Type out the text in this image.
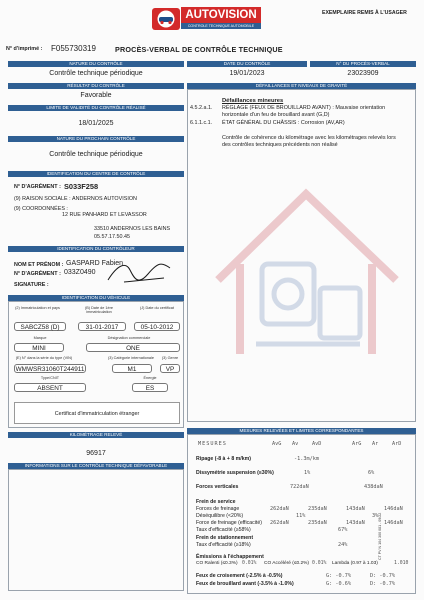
AUTOVISION
CONTROLE TECHNIQUE AUTOMOBILE
EXEMPLAIRE REMIS À L'USAGER
N° d'imprimé : F055730319	PROCÈS-VERBAL DE CONTRÔLE TECHNIQUE
NATURE DU CONTRÔLE
Contrôle technique périodique
DATE DU CONTRÔLE
19/01/2023
N° DU PROCÈS-VERBAL
23023909
RÉSULTAT DU CONTRÔLE
Favorable
LIMITE DE VALIDITÉ DU CONTRÔLE RÉALISÉ
18/01/2025
NATURE DU PROCHAIN CONTRÔLE
Contrôle technique périodique
IDENTIFICATION DU CENTRE DE CONTRÔLE
N° D'AGRÉMENT : S033F258
(9) RAISON SOCIALE : ANDERNOS AUTOVISION
(9) COORDONNÉES :
12 RUE PANHARD ET LEVASSOR
33510 ANDERNOS LES BAINS
05.57.17.50.45
IDENTIFICATION DU CONTRÔLEUR
NOM ET PRÉNOM : GASPARD Fabien
N° D'AGRÉMENT : 033Z0490
SIGNATURE :
IDENTIFICATION DU VÉHICULE
(2) Immatriculation et pays	(B) Date de 1ère immatriculation
(J) Date du certificat
SABCZ58 (D)	31-01-2017	05-10-2012
Marque	Désignation commerciale
MINI	ONE
(E) N° dans la série du type (VIN)	(3) Catégorie internationale	(3) Genre
WMWSR31060T244911	M1	VP
Type/CNIT	Énergie
ABSENT	ES
Certificat d'immatriculation étranger
KILOMÉTRAGE RELEVÉ
96917
INFORMATIONS SUR LE CONTRÔLE TECHNIQUE DÉFAVORABLE
DÉFAILLANCES ET NIVEAUX DE GRAVITÉ
Défaillances mineures
4.5.2.a.1. RÉGLAGE (FEUX DE BROUILLARD AVANT) : Mauvaise orientation horizontale d'un feu de brouillard avant (G,D)
6.1.1.c.1. ÉTAT GÉNÉRAL DU CHÂSSIS : Corrosion (AV,AR)
Contrôle de cohérence du kilométrage avec les kilométrages relevés lors des contrôles techniques précédents non réalisé
MESURES RELEVÉES ET LIMITES CORRESPONDANTES
MESURES	AvG Av	AvD	ArG Ar	ArD
Ripage (-8 à + 8 m/km)	-1.3m/km
Dissymétrie suspension (≤30%)	1%	6%
Forces verticales	722daN	438daN
Frein de service
Forces de freinage	262daN	235daN	143daN	146daN
Déséquilibre (<20%)	11%	3%
Force de freinage (efficacité) 262daN	235daN	143daN	146daN
Taux d'efficacité (≥58%)	67%
Frein de stationnement
Taux d'efficacité (≥18%)	24%
Émissions à l'échappement
CO Ralenti (≤0.3%) 0.01% CO Accéléré (≤0.2%) 0.01% Lambda (0.97 à 1.03)	1.010
Feux de croisement (-2.5% à -0.5%)	G: -0.7%	D: -0.7%
Feux de brouillard avant (-3.5% à -1.0%)	G: -0.6%	D: -0.7%
CT PV N 104 300 081 - 09/22
